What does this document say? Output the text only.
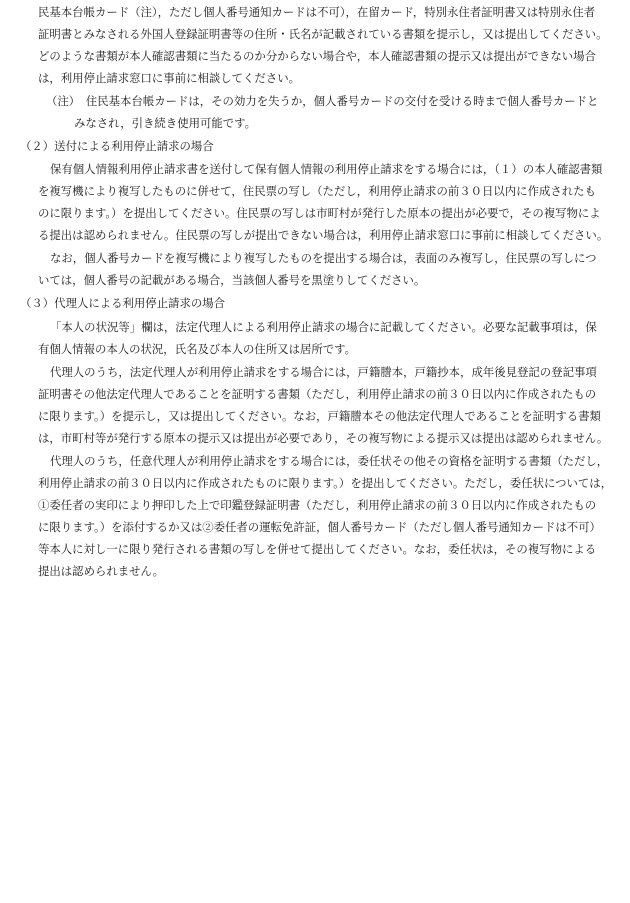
民基本台帳カード（注），ただし個人番号通知カードは不可），在留カード，特別永住者証明書又は特別永住者
証明書とみなされる外国人登録証明書等の住所・氏名が記載されている書類を提示し，又は提出してください。
どのような書類が本人確認書類に当たるのか分からない場合や，本人確認書類の提示又は提出ができない場合
は，利用停止請求窓口に事前に相談してください。
（注）　住民基本台帳カードは，その効力を失うか，個人番号カードの交付を受ける時まで個人番号カードと
みなされ，引き続き使用可能です。
（２）送付による利用停止請求の場合
保有個人情報利用停止請求書を送付して保有個人情報の利用停止請求をする場合には，（１）の本人確認書類
を複写機により複写したものに併せて，住民票の写し（ただし，利用停止請求の前３０日以内に作成されたも
のに限ります。）を提出してください。住民票の写しは市町村が発行した原本の提出が必要で，その複写物によ
る提出は認められません。住民票の写しが提出できない場合は，利用停止請求窓口に事前に相談してください。
なお，個人番号カードを複写機により複写したものを提出する場合は，表面のみ複写し，住民票の写しにつ
いては，個人番号の記載がある場合，当該個人番号を黒塗りしてください。
（３）代理人による利用停止請求の場合
「本人の状況等」欄は，法定代理人による利用停止請求の場合に記載してください。必要な記載事項は，保
有個人情報の本人の状況，氏名及び本人の住所又は居所です。
代理人のうち，法定代理人が利用停止請求をする場合には，戸籍謄本，戸籍抄本，成年後見登記の登記事項
証明書その他法定代理人であることを証明する書類（ただし，利用停止請求の前３０日以内に作成されたもの
に限ります。）を提示し，又は提出してください。なお，戸籍謄本その他法定代理人であることを証明する書類
は，市町村等が発行する原本の提示又は提出が必要であり，その複写物による提示又は提出は認められません。
代理人のうち，任意代理人が利用停止請求をする場合には，委任状その他その資格を証明する書類（ただし，
利用停止請求の前３０日以内に作成されたものに限ります。）を提出してください。ただし，委任状については，
①委任者の実印により押印した上で印鑑登録証明書（ただし，利用停止請求の前３０日以内に作成されたもの
に限ります。）を添付するか又は②委任者の運転免許証，個人番号カード（ただし個人番号通知カードは不可）
等本人に対し一に限り発行される書類の写しを併せて提出してください。なお，委任状は，その複写物による
提出は認められません。
